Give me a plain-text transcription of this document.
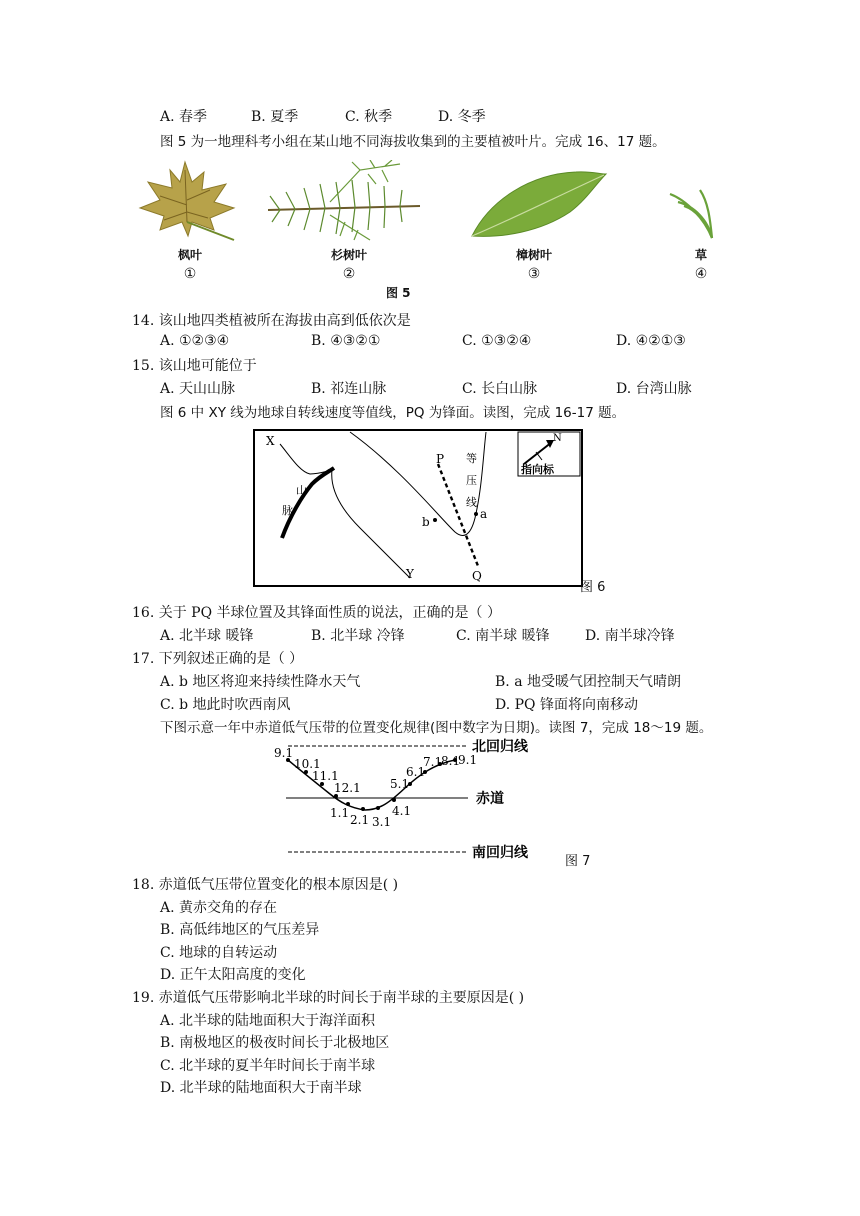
A. 春季	B. 夏季	C. 秋季	D. 冬季
图 5 为一地理科考小组在某山地不同海拔收集到的主要植被叶片。完成 16、17 题。
枫叶	杉树叶	樟树叶	草
①	②	③	④
图 5
14. 该山地四类植被所在海拔由高到低依次是
A. ①②③④	B. ④③②①	C. ①③②④	D. ④②①③
15. 该山地可能位于
A. 天山山脉	B. 祁连山脉	C. 长白山脉	D. 台湾山脉
图 6 中 XY 线为地球自转线速度等值线，PQ 为锋面。读图，完成 16-17 题。
X
Y
P
Q
a
b
山
脉
等
压
线
指向标
N
图 6
16. 关于 PQ 半球位置及其锋面性质的说法，正确的是（ ）
A. 北半球 暖锋	B. 北半球 冷锋	C. 南半球 暖锋	D. 南半球冷锋
17. 下列叙述正确的是（ ）
A. b 地区将迎来持续性降水天气	B. a 地受暖气团控制天气晴朗
C. b 地此时吹西南风	D. PQ 锋面将向南移动
下图示意一年中赤道低气压带的位置变化规律(图中数字为日期)。读图 7，完成 18～19 题。
9.1
10.1
11.1
12.1
1.1 2.1 3.1
4.1
5.1
6.1
7.1
8.1
9.1
北回归线
赤道
南回归线
图 7
18. 赤道低气压带位置变化的根本原因是( )
A. 黄赤交角的存在
B. 高低纬地区的气压差异
C. 地球的自转运动
D. 正午太阳高度的变化
19. 赤道低气压带影响北半球的时间长于南半球的主要原因是( )
A. 北半球的陆地面积大于海洋面积
B. 南极地区的极夜时间长于北极地区
C. 北半球的夏半年时间长于南半球
D. 北半球的陆地面积大于南半球
